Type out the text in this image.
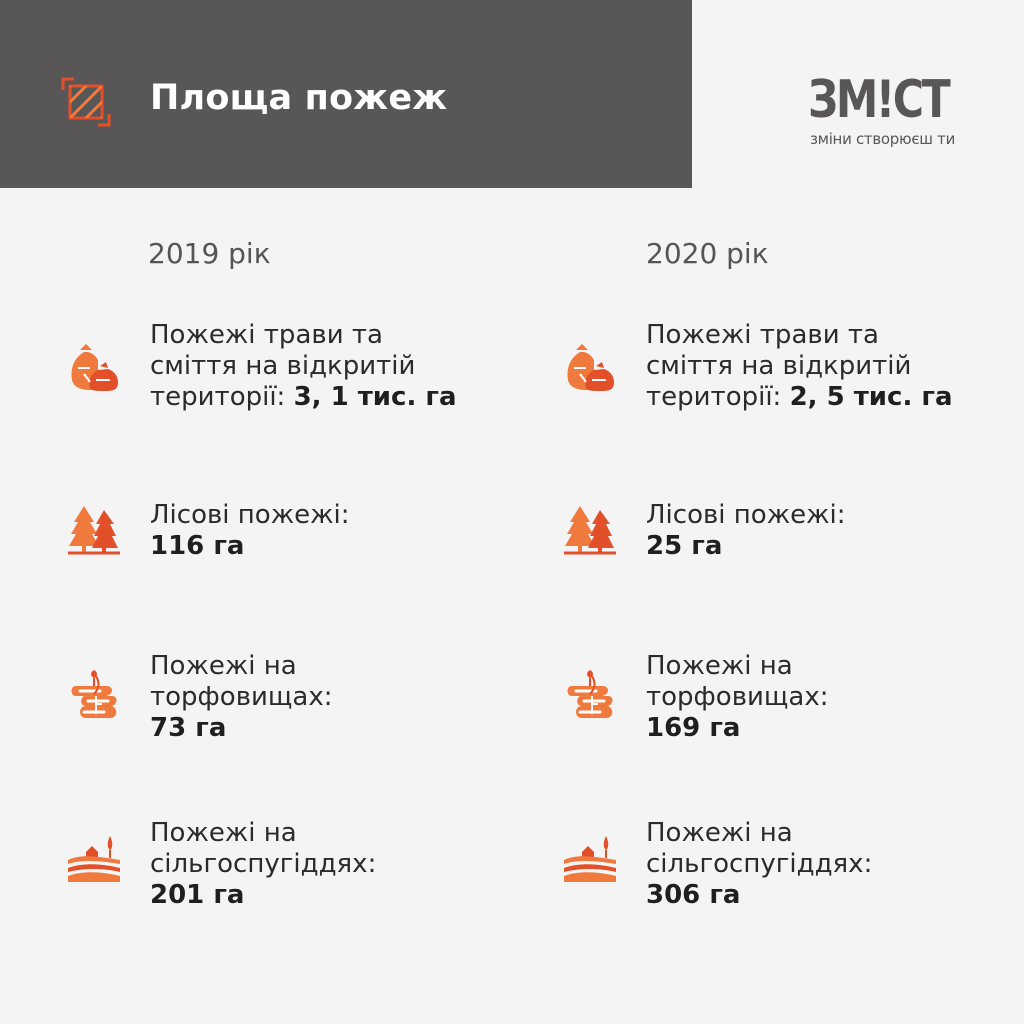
Площа пожеж	ЗМ!СТ
зміни створюєш ти
2019 рік	2020 рік
Пожежі трави та
сміття на відкритій
території: 3, 1 тис. га
Лісові пожежі:
116 га
Пожежі на
торфовищах:
73 га
Пожежі на
сільгоспугіддях:
201 га
Пожежі трави та
сміття на відкритій
території: 2, 5 тис. га
Лісові пожежі:
25 га
Пожежі на
торфовищах:
169 га
Пожежі на
сільгоспугіддях:
306 га
